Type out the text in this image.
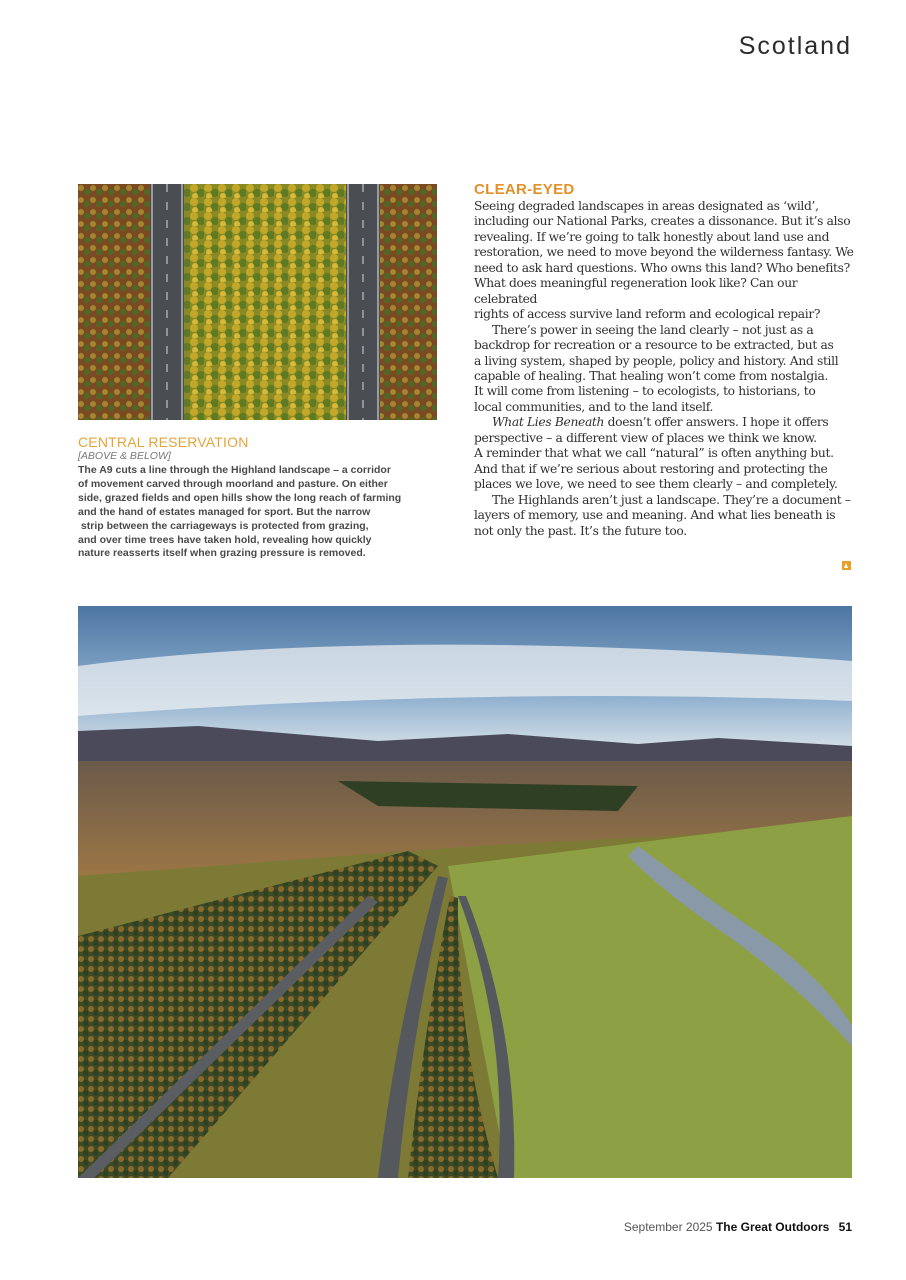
Scotland
CENTRAL RESERVATION
[ABOVE & BELOW]
The A9 cuts a line through the Highland landscape – a corridor
of movement carved through moorland and pasture. On either
side, grazed fields and open hills show the long reach of farming
and the hand of estates managed for sport. But the narrow
strip between the carriageways is protected from grazing,
and over time trees have taken hold, revealing how quickly
nature reasserts itself when grazing pressure is removed.
CLEAR-EYED

Seeing degraded landscapes in areas designated as ‘wild’,
including our National Parks, creates a dissonance. But it’s also
revealing. If we’re going to talk honestly about land use and
restoration, we need to move beyond the wilderness fantasy. We
need to ask hard questions. Who owns this land? Who benefits?
What does meaningful regeneration look like? Can our celebrated
rights of access survive land reform and ecological repair?

There’s power in seeing the land clearly – not just as a
backdrop for recreation or a resource to be extracted, but as
a living system, shaped by people, policy and history. And still
capable of healing. That healing won’t come from nostalgia.
It will come from listening – to ecologists, to historians, to
local communities, and to the land itself.

What Lies Beneath doesn’t offer answers. I hope it offers
perspective – a different view of places we think we know.
A reminder that what we call “natural” is often anything but.
And that if we’re serious about restoring and protecting the
places we love, we need to see them clearly – and completely.

The Highlands aren’t just a landscape. They’re a document –
layers of memory, use and meaning. And what lies beneath is
not only the past. It’s the future too.

September 2025 The Great Outdoors 51
